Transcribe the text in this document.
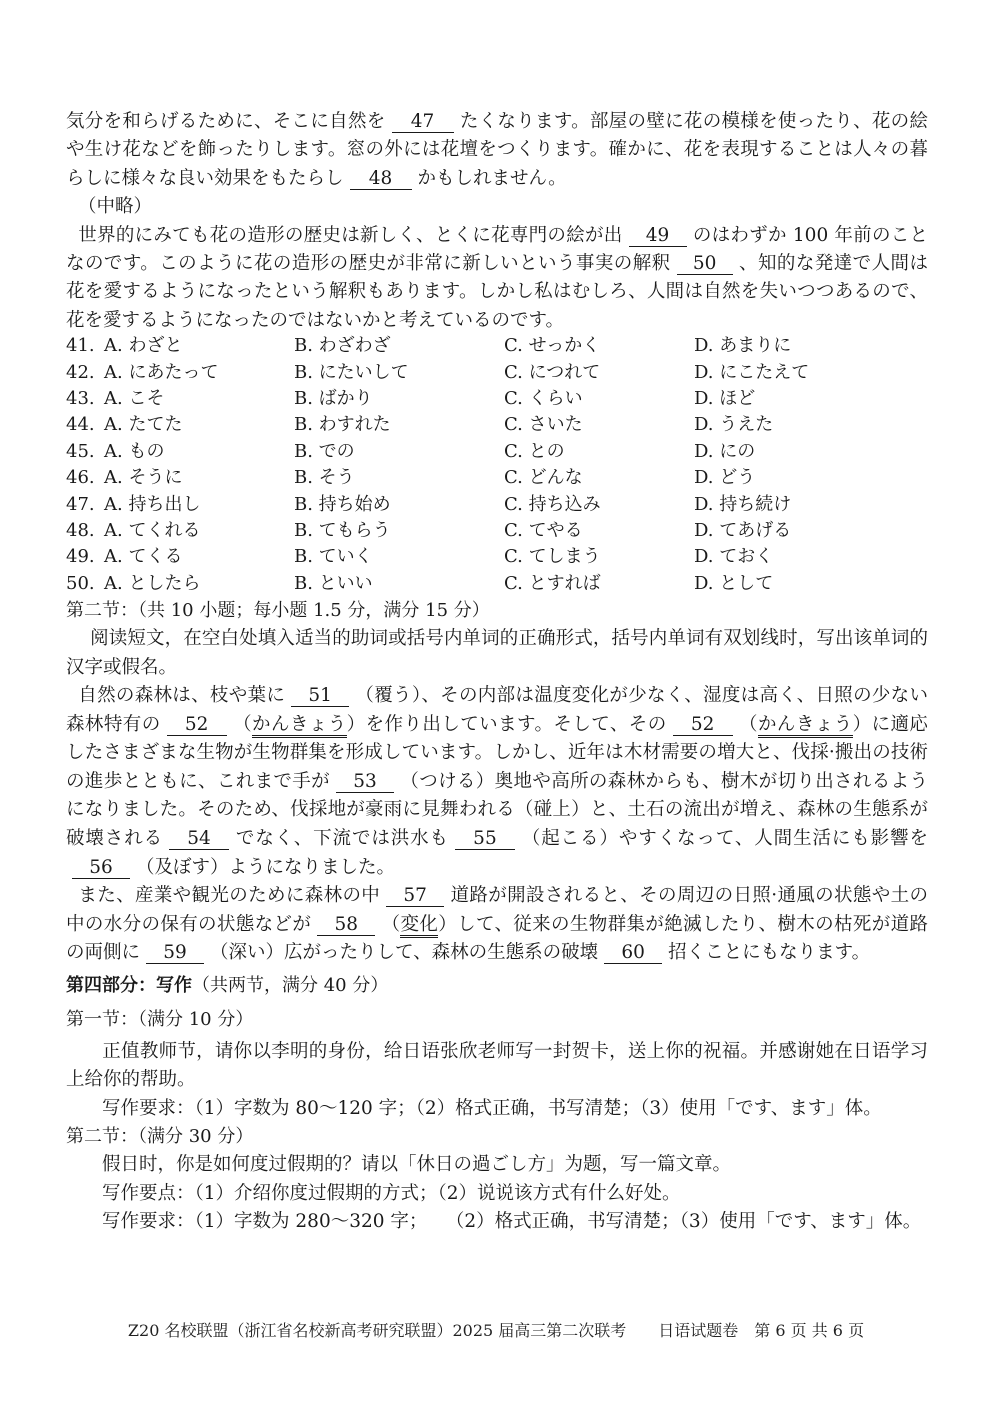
気分を和らげるために、そこに自然を 47 たくなります。部屋の壁に花の模様を使ったり、花の絵や生け花などを飾ったりします。窓の外には花壇をつくります。確かに、花を表現することは人々の暮らしに様々な良い効果をもたらし 48 かもしれません。

（中略）

世界的にみても花の造形の歴史は新しく、とくに花専門の絵が出 49 のはわずか 100 年前のことなのです。このように花の造形の歴史が非常に新しいという事実の解釈 50 、知的な発達で人間は花を愛するようになったという解釈もあります。しかし私はむしろ、人間は自然を失いつつあるので、花を愛するようになったのではないかと考えているのです。

41. A. わざと	B. わざわざ	C. せっかく	D. あまりに
42. A. にあたって	B. にたいして	C. につれて	D. にこたえて
43. A. こそ	B. ばかり	C. くらい	D. ほど
44. A. たてた	B. わすれた	C. さいた	D. うえた
45. A. もの	B. での	C. との	D. にの
46. A. そうに	B. そう	C. どんな	D. どう
47. A. 持ち出し	B. 持ち始め	C. 持ち込み	D. 持ち続け
48. A. てくれる	B. てもらう	C. てやる	D. てあげる
49. A. てくる	B. ていく	C. てしまう	D. ておく
50. A. としたら	B. といい	C. とすれば	D. として

第二节：（共 10 小题；每小题 1.5 分，满分 15 分）

阅读短文，在空白处填入适当的助词或括号内单词的正确形式，括号内单词有双划线时，写出该单词的汉字或假名。

自然の森林は、枝や葉に 51 （覆う）、その内部は温度変化が少なく、湿度は高く、日照の少ない森林特有の 52 （かんきょう）を作り出しています。そして、その 52 （かんきょう）に適応したさまざまな生物が生物群集を形成しています。しかし、近年は木材需要の増大と、伐採·搬出の技術の進歩とともに、これまで手が 53 （つける）奥地や高所の森林からも、樹木が切り出されるようになりました。そのため、伐採地が豪雨に見舞われる（碰上）と、土石の流出が増え、森林の生態系が破壊される 54 でなく、下流では洪水も 55 （起こる）やすくなって、人間生活にも影響を56 （及ぼす）ようになりました。

また、産業や観光のために森林の中 57 道路が開設されると、その周辺の日照·通風の状態や土の中の水分の保有の状態などが 58 （変化）して、従来の生物群集が絶滅したり、樹木の枯死が道路の両側に 59 （深い）広がったりして、森林の生態系の破壊 60 招くことにもなります。

第四部分：写作（共两节，满分 40 分）

第一节：（满分 10 分）

正值教师节，请你以李明的身份，给日语张欣老师写一封贺卡，送上你的祝福。并感谢她在日语学习上给你的帮助。

写作要求：（1）字数为 80～120 字；（2）格式正确，书写清楚；（3）使用「です、ます」体。

第二节：（满分 30 分）

假日时，你是如何度过假期的？请以「休日の過ごし方」为题，写一篇文章。

写作要点：（1）介绍你度过假期的方式；（2）说说该方式有什么好处。

写作要求：（1）字数为 280～320 字；　　（2）格式正确，书写清楚；（3）使用「です、ます」体。

Z20 名校联盟（浙江省名校新高考研究联盟）2025 届高三第二次联考　　日语试题卷　第 6 页 共 6 页
